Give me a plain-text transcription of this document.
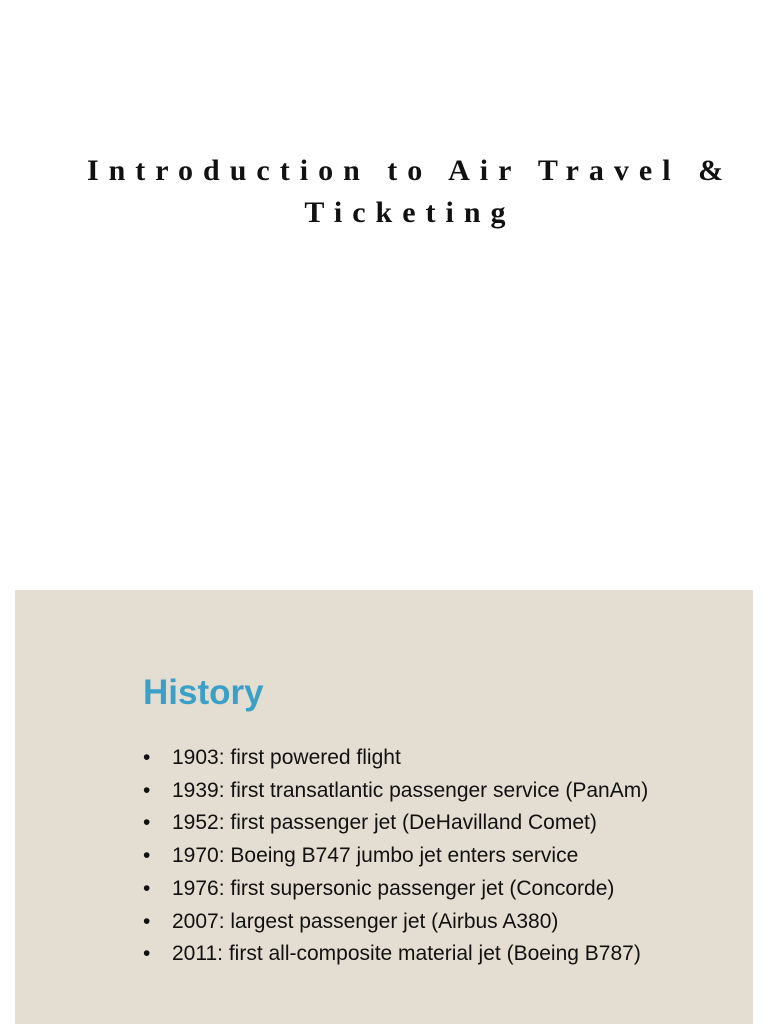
Introduction to Air Travel &
Ticketing
History
• 1903: first powered flight
• 1939: first transatlantic passenger service (PanAm)
• 1952: first passenger jet (DeHavilland Comet)
• 1970: Boeing B747 jumbo jet enters service
• 1976: first supersonic passenger jet (Concorde)
• 2007: largest passenger jet (Airbus A380)
• 2011: first all-composite material jet (Boeing B787)
